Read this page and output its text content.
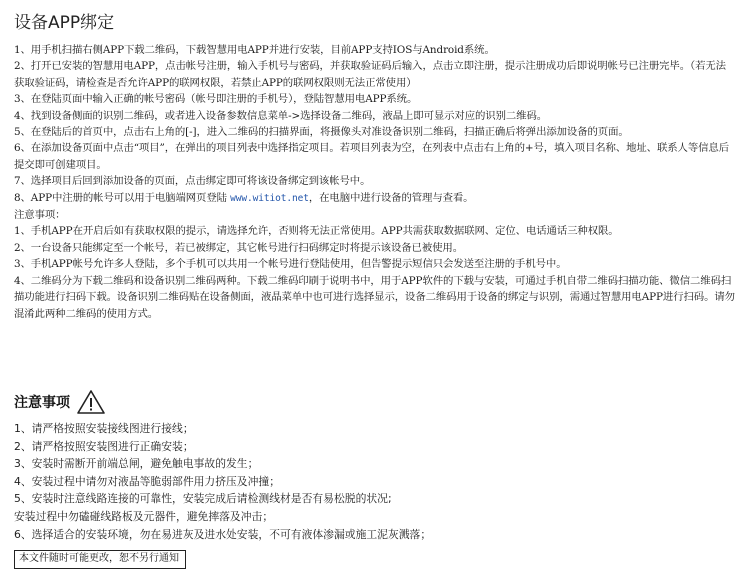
设备APP绑定

1、用手机扫描右侧APP下载二维码，下载智慧用电APP并进行安装，目前APP支持IOS与Android系统。

2、打开已安装的智慧用电APP，点击帐号注册，输入手机号与密码，并获取验证码后输入，点击立即注册，提示注册成功后即说明帐号已注册完毕。（若无法获取验证码，请检查是否允许APP的联网权限，若禁止APP的联网权限则无法正常使用）

3、在登陆页面中输入正确的帐号密码（帐号即注册的手机号），登陆智慧用电APP系统。

4、找到设备侧面的识别二维码，或者进入设备参数信息菜单->选择设备二维码，液晶上即可显示对应的识别二维码。

5、在登陆后的首页中，点击右上角的[-]，进入二维码的扫描界面，将摄像头对准设备识别二维码，扫描正确后将弹出添加设备的页面。

6、在添加设备页面中点击“项目”，在弹出的项目列表中选择指定项目。若项目列表为空，在列表中点击右上角的+号，填入项目名称、地址、联系人等信息后提交即可创建项目。

7、选择项目后回到添加设备的页面，点击绑定即可将该设备绑定到该帐号中。

8、APP中注册的帐号可以用于电脑端网页登陆 www.witiot.net，在电脑中进行设备的管理与查看。

注意事项：

1、手机APP在开启后如有获取权限的提示，请选择允许，否则将无法正常使用。APP共需获取数据联网、定位、电话通话三种权限。

2、一台设备只能绑定至一个帐号，若已被绑定，其它帐号进行扫码绑定时将提示该设备已被使用。

3、手机APP帐号允许多人登陆，多个手机可以共用一个帐号进行登陆使用，但告警提示短信只会发送至注册的手机号中。

4、二维码分为下载二维码和设备识别二维码两种。下载二维码印刷于说明书中，用于APP软件的下载与安装，可通过手机自带二维码扫描功能、微信二维码扫描功能进行扫码下载。设备识别二维码贴在设备侧面，液晶菜单中也可进行选择显示，设备二维码用于设备的绑定与识别，需通过智慧用电APP进行扫码。请勿混淆此两种二维码的使用方式。

注意事项

1、请严格按照安装接线图进行接线；

2、请严格按照安装图进行正确安装；

3、安装时需断开前端总闸，避免触电事故的发生；

4、安装过程中请勿对液晶等脆弱部件用力挤压及冲撞；

5、安装时注意线路连接的可靠性，安装完成后请检测线材是否有易松脱的状况;

安装过程中勿磕碰线路板及元器件，避免摔落及冲击；

6、选择适合的安装环境，勿在易进灰及进水处安装，不可有液体渗漏或施工泥灰溅落；

本文件随时可能更改，恕不另行通知
